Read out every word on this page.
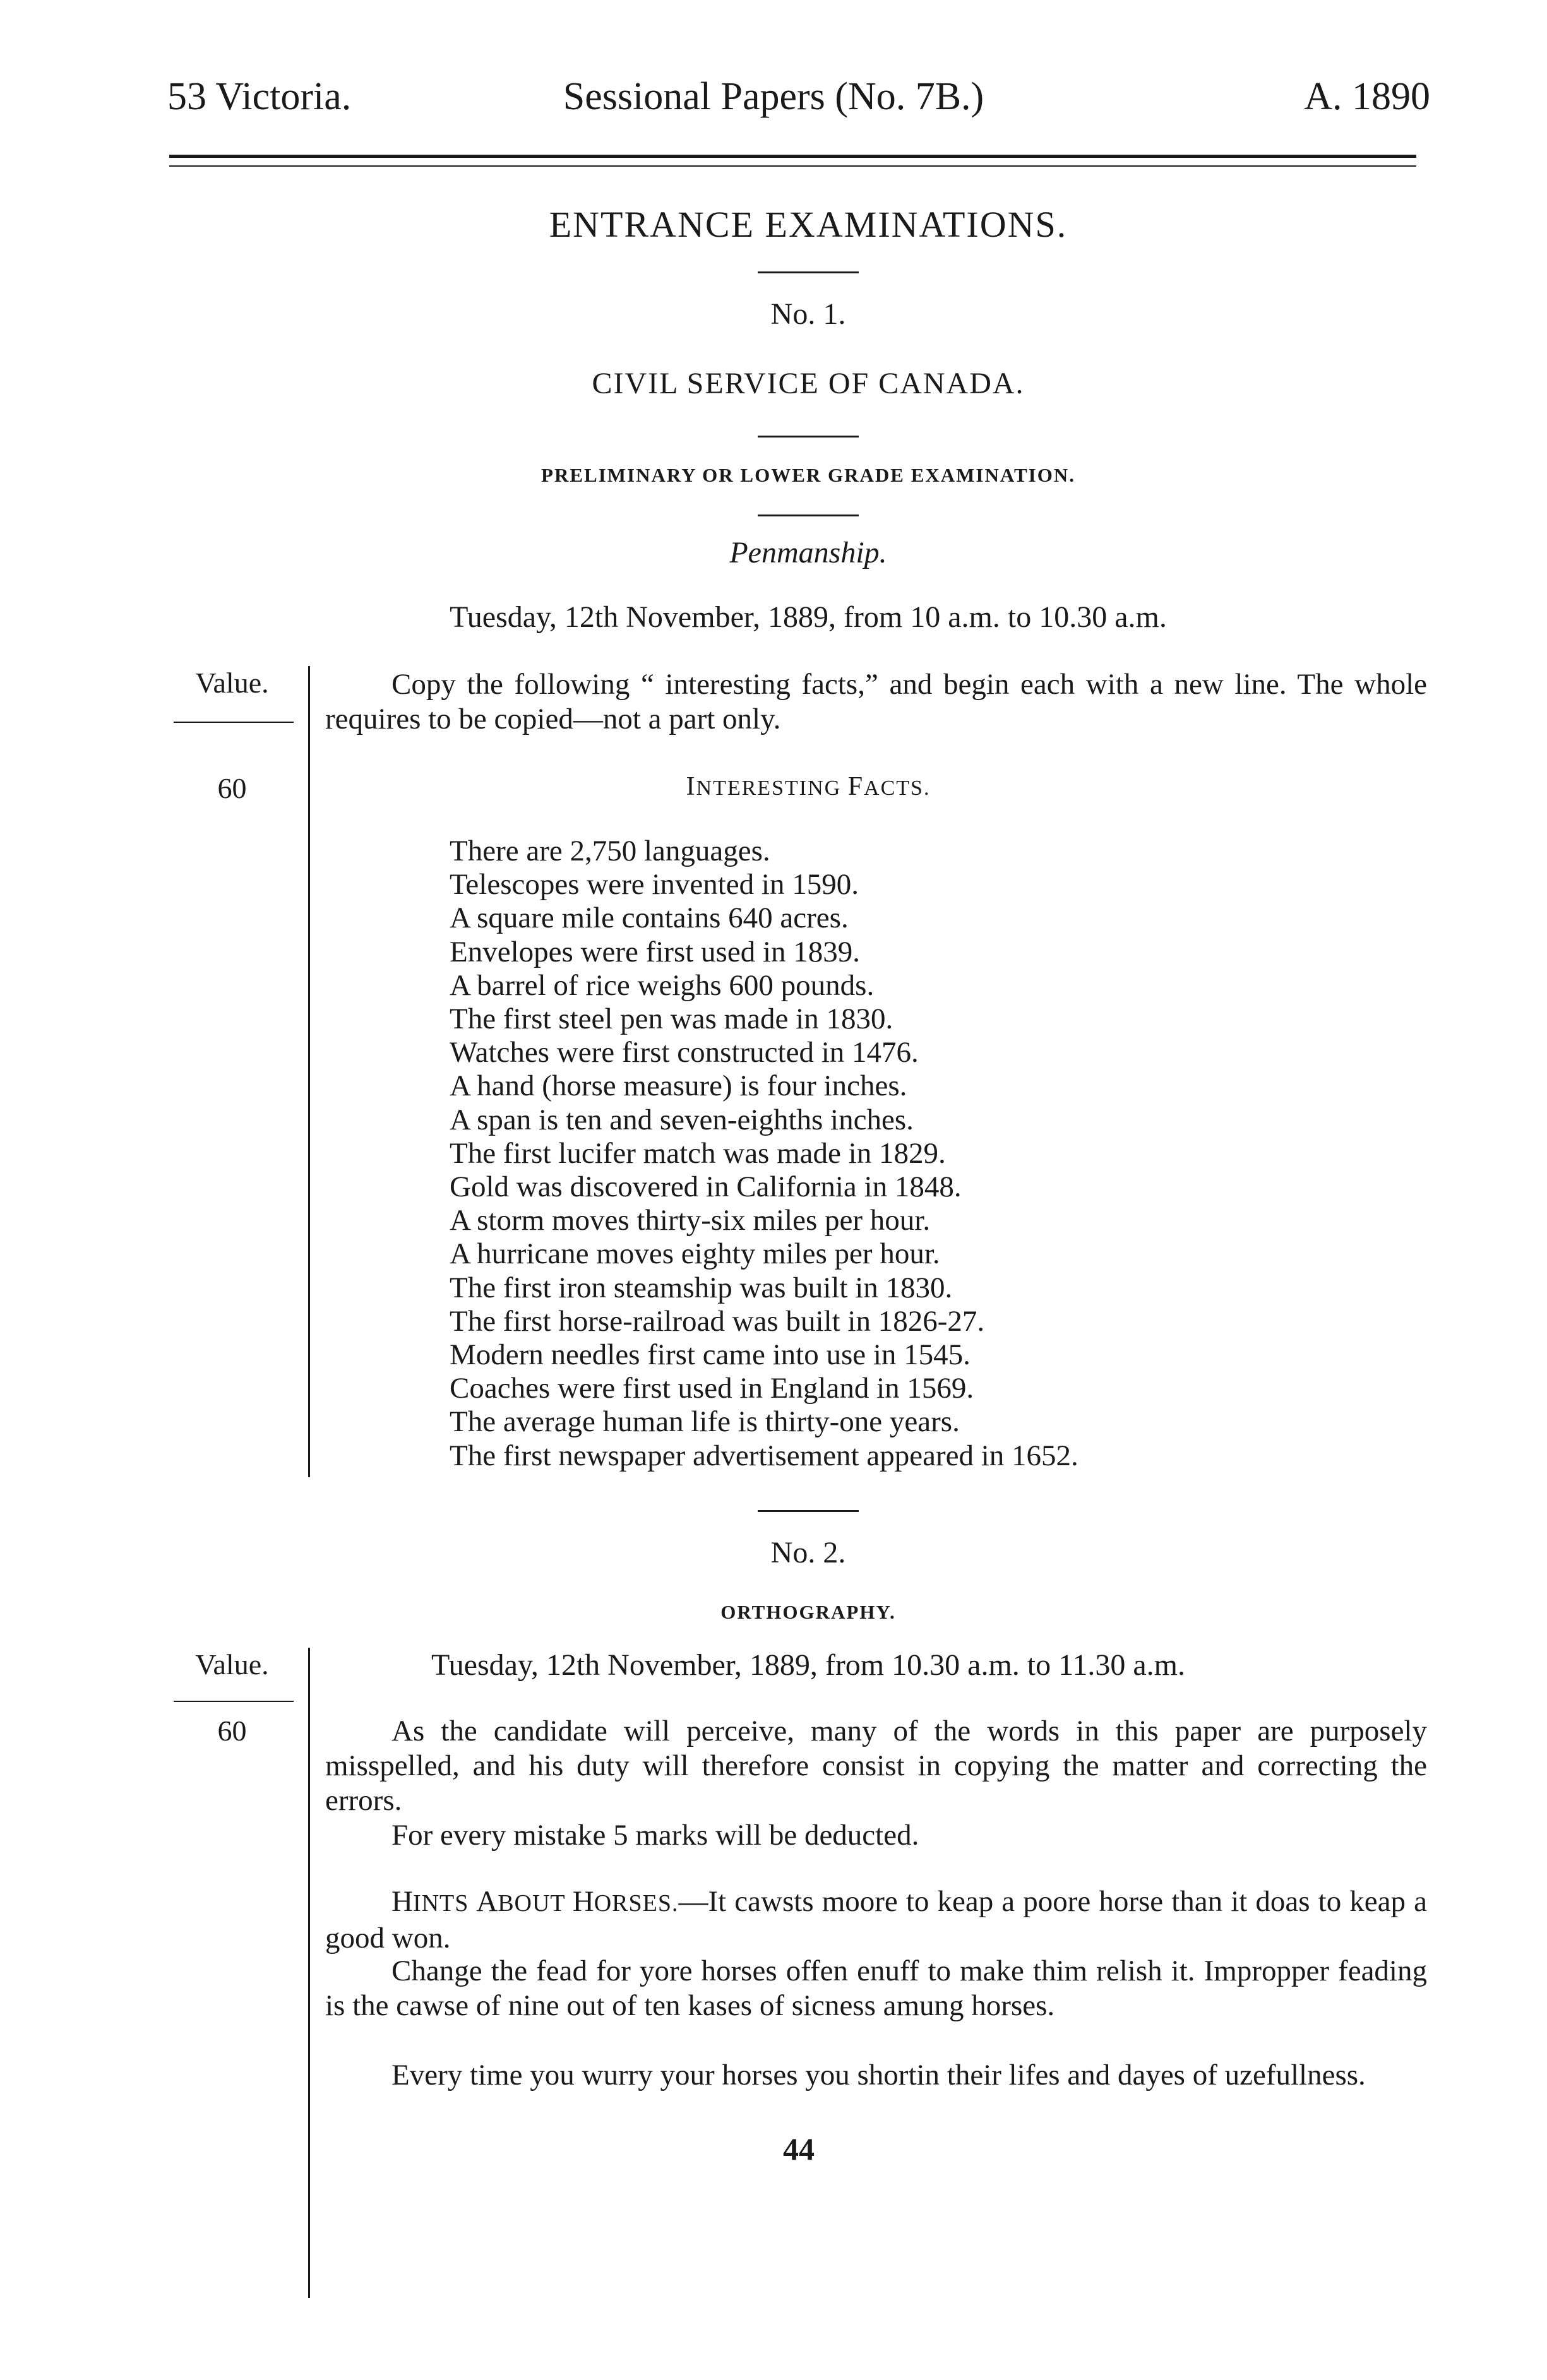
53 Victoria.	Sessional Papers (No. 7B.)	A. 1890
ENTRANCE EXAMINATIONS.
No. 1.
CIVIL SERVICE OF CANADA.
PRELIMINARY OR LOWER GRADE EXAMINATION.
Penmanship.
Tuesday, 12th November, 1889, from 10 a.m. to 10.30 a.m.
Value.
60
Copy the following “ interesting facts,” and begin each with a new line. The whole requires to be copied—not a part only.
INTERESTING FACTS.
There are 2,750 languages.
Telescopes were invented in 1590.
A square mile contains 640 acres.
Envelopes were first used in 1839.
A barrel of rice weighs 600 pounds.
The first steel pen was made in 1830.
Watches were first constructed in 1476.
A hand (horse measure) is four inches.
A span is ten and seven-eighths inches.
The first lucifer match was made in 1829.
Gold was discovered in California in 1848.
A storm moves thirty-six miles per hour.
A hurricane moves eighty miles per hour.
The first iron steamship was built in 1830.
The first horse-railroad was built in 1826-27.
Modern needles first came into use in 1545.
Coaches were first used in England in 1569.
The average human life is thirty-one years.
The first newspaper advertisement appeared in 1652.
No. 2.
ORTHOGRAPHY.
Tuesday, 12th November, 1889, from 10.30 a.m. to 11.30 a.m.
Value.
60	As the candidate will perceive, many of the words in this paper are purposely misspelled, and his duty will therefore consist in copying the matter and correcting the errors.
For every mistake 5 marks will be deducted.
HINTS ABOUT HORSES.—It cawsts moore to keap a poore horse than it doas to keap a good won.
Change the fead for yore horses offen enuff to make thim relish it. Impropper feading is the cawse of nine out of ten kases of sicness amung horses.
Every time you wurry your horses you shortin their lifes and dayes of uzefullness.
44
